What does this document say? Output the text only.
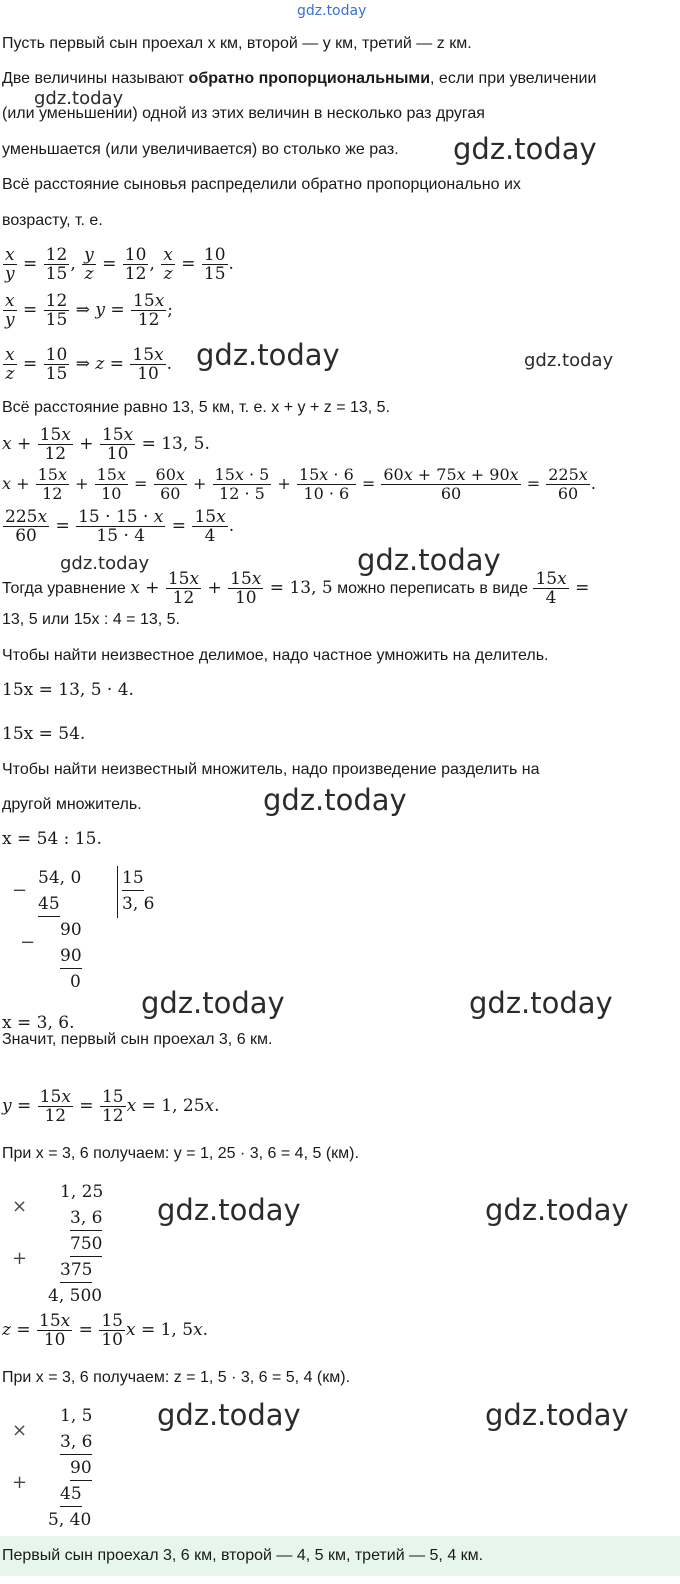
gdz.today
gdz.today
gdz.today
gdz.today	gdz.today
gdz.today	gdz.today
gdz.today
gdz.today	gdz.today
gdz.today	gdz.today
gdz.today	gdz.today
Пусть первый сын проехал x км, второй — y км, третий — z км.
Две величины называют обратно пропорциональными, если при увеличении
(или уменьшении) одной из этих величин в несколько раз другая
уменьшается (или увеличивается) во столько же раз.
Всё расстояние сыновья распределили обратно пропорционально их
возрасту, т. е.
$\frac{x}{y} = \frac{12}{15}$ , $\frac{y}{z} = \frac{10}{12}$ , $\frac{x}{z} = \frac{10}{15}$ .
$\frac{x}{y} = \frac{12}{15}$ ⇒ $y = \frac{15x}{12}$ ;
$\frac{x}{z} = \frac{10}{15}$ ⇒ $z = \frac{15x}{10}$ .
Всё расстояние равно 13, 5 км, т. е. x + y + z = 13, 5.
$x + \frac{15x}{12} + \frac{15x}{10} = 13$, 5.
$x + \frac{15x}{12} + \frac{15x}{10} = \frac{60x}{60} + \frac{15x \cdot 5}{12 \cdot 5} + \frac{15x \cdot 6}{10 \cdot 6} = \frac{60x + 75x + 90x}{60} = \frac{225x}{60}$ .
$\frac{225x}{60} = \frac{15 \cdot 15 \cdot x}{15 \cdot 4} = \frac{15x}{4}$ .
Тогда уравнение $x + \frac{15x}{12} + \frac{15x}{10} = 13$, 5 можно переписать в виде $\frac{15x}{4}$ =
13, 5 или 15x : 4 = 13, 5.
Чтобы найти неизвестное делимое, надо частное умножить на делитель.
15x = 13, 5 · 4.
15x = 54.
Чтобы найти неизвестный множитель, надо произведение разделить на
другой множитель.
x = 54 : 15.
−
−
54, 0
45
90
90
0
15
3, 6
x = 3, 6.
Значит, первый сын проехал 3, 6 км.
$y = \frac{15x}{12} = \frac{15}{12}$ x = 1, 25x.
При x = 3, 6 получаем: y = 1, 25 · 3, 6 = 4, 5 (км).
×
+
1, 25
3, 6
750
375
4, 500
$z = \frac{15x}{10} = \frac{15}{10}$ x = 1, 5x.
При x = 3, 6 получаем: z = 1, 5 · 3, 6 = 5, 4 (км).
×
+
1, 5
3, 6
90
45
5, 40
Первый сын проехал 3, 6 км, второй — 4, 5 км, третий — 5, 4 км.
